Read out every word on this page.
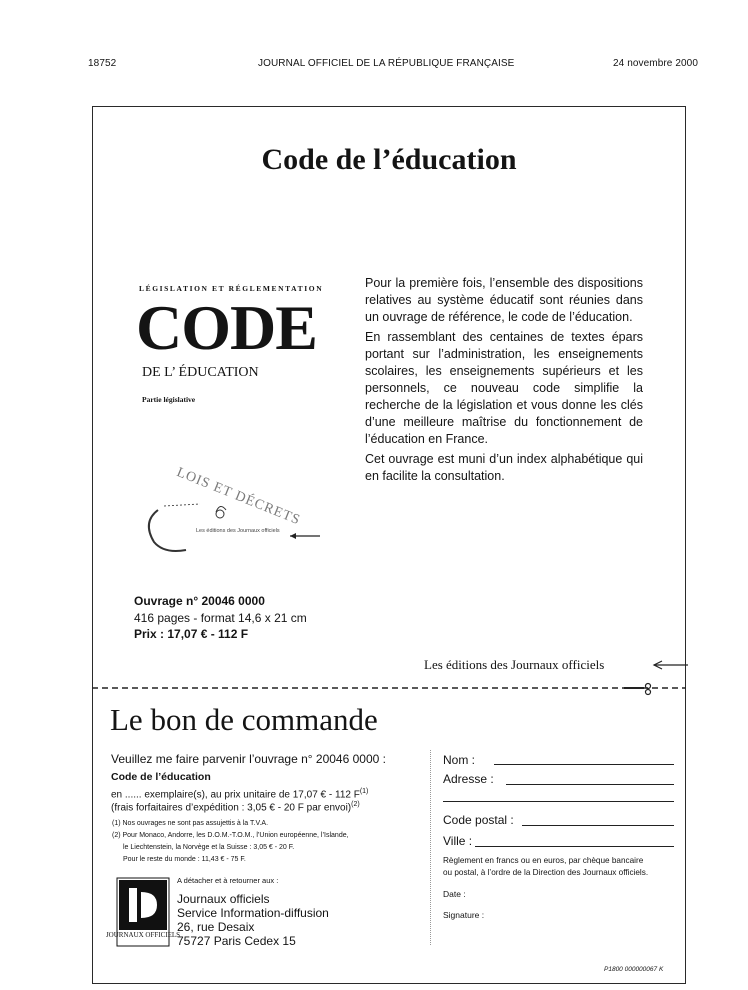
18752	JOURNAL OFFICIEL DE LA RÉPUBLIQUE FRANÇAISE	24 novembre 2000
Code de l’éducation
LÉGISLATION ET RÉGLEMENTATION
CODE
DE L’ ÉDUCATION
Partie législative
LOIS ET DÉCRETS
Les éditions des Journaux officiels

Pour la première fois, l’ensemble des dispositions relatives au système éducatif sont réunies dans un ouvrage de référence, le code de l’éducation.

En rassemblant des centaines de textes épars portant sur l’administration, les enseignements scolaires, les enseignements supérieurs et les personnels, ce nouveau code simplifie la recherche de la législation et vous donne les clés d’une meilleure maîtrise du fonctionnement de l’éducation en France.

Cet ouvrage est muni d’un index alphabétique qui en facilite la consultation.

Ouvrage n° 20046 0000
416 pages - format 14,6 x 21 cm
Prix : 17,07 € - 112 F
Les éditions des Journaux officiels
Le bon de commande
Veuillez me faire parvenir l’ouvrage n° 20046 0000 :
Code de l’éducation
en ...... exemplaire(s), au prix unitaire de 17,07 € - 112 $F^{(1)}$
(frais forfaitaires d’expédition : 3,05 € - 20 F par envoi)$^{(2)}$
(1) Nos ouvrages ne sont pas assujettis à la T.V.A.
(2) Pour Monaco, Andorre, les D.O.M.-T.O.M., l’Union européenne, l’Islande,
le Liechtenstein, la Norvège et la Suisse : 3,05 € - 20 F.
Pour le reste du monde : 11,43 € - 75 F.
A détacher et à retourner aux :
JOURNAUX OFFICIELS
Journaux officiels
Service Information-diffusion
26, rue Desaix
75727 Paris Cedex 15
Nom :
Adresse :
Code postal :
Ville :
Règlement en francs ou en euros, par chèque bancaire
ou postal, à l’ordre de la Direction des Journaux officiels.
Date :
Signature :
P1800 000000067 K
